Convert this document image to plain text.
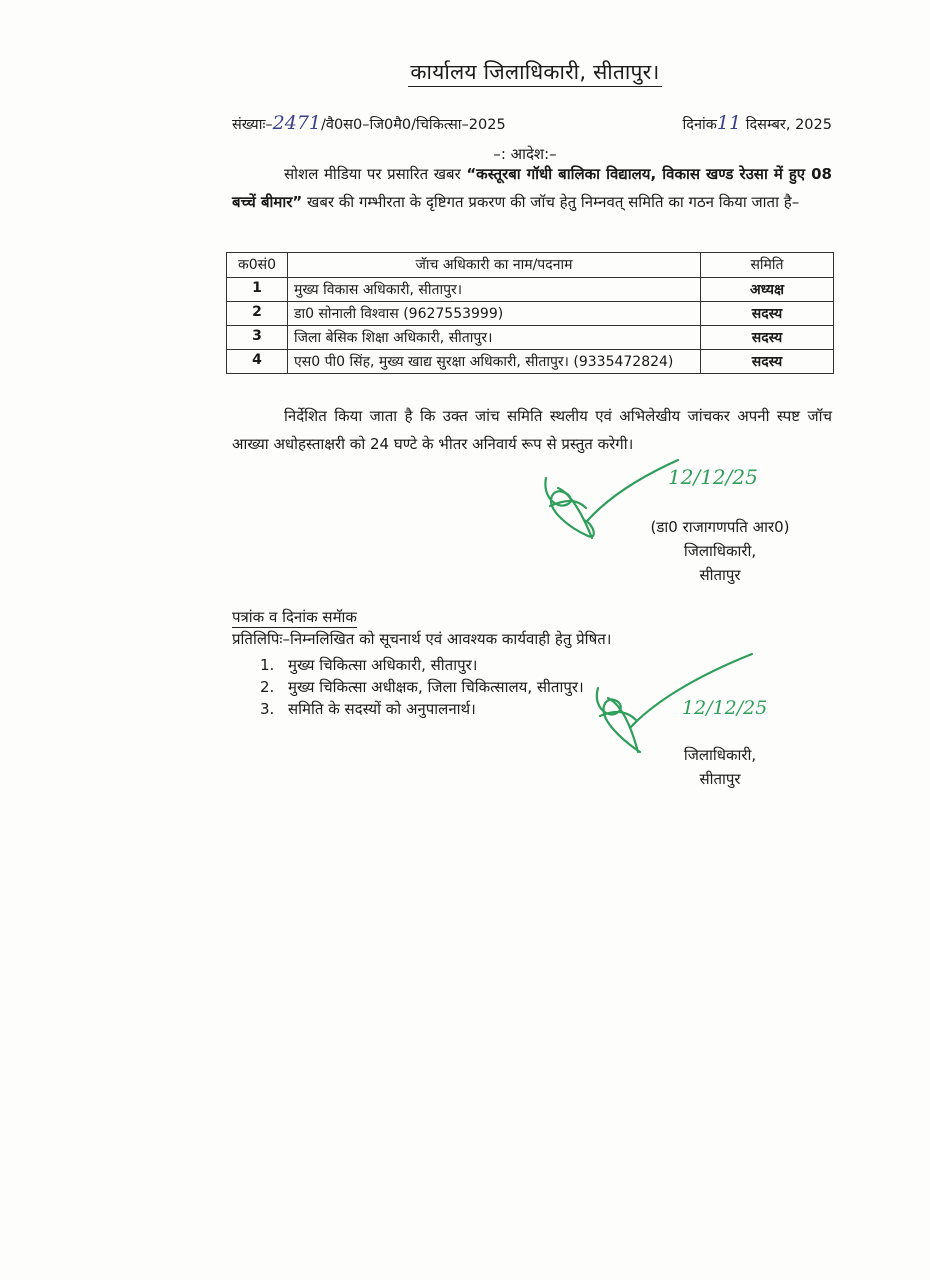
कार्यालय जिलाधिकारी, सीतापुर।
संख्याः–2471/वै0स0–जि0मै0/चिकित्सा–2025	दिनांक11 दिसम्बर, 2025
–: आदेश:–
सोशल मीडिया पर प्रसारित खबर “कस्तूरबा गॉधी बालिका विद्यालय, विकास खण्ड रेउसा में हुए 08 बच्चें बीमार” खबर की गम्भीरता के दृष्टिगत प्रकरण की जॉच हेतु निम्नवत् समिति का गठन किया जाता है–
क0सं0	जॅाच अधिकारी का नाम/पदनाम	समिति
1	मुख्य विकास अधिकारी, सीतापुर।	अध्यक्ष
2	डा0 सोनाली विश्वास (9627553999)	सदस्य
3	जिला बेसिक शिक्षा अधिकारी, सीतापुर।	सदस्य
4	एस0 पी0 सिंह, मुख्य खाद्य सुरक्षा अधिकारी, सीतापुर। (9335472824)	सदस्य
निर्देशित किया जाता है कि उक्त जांच समिति स्थलीय एवं अभिलेखीय जांचकर अपनी स्पष्ट जॉच आख्या अधोहस्ताक्षरी को 24 घण्टे के भीतर अनिवार्य रूप से प्रस्तुत करेगी।
12/12/25
(डा0 राजागणपति आर0)
जिलाधिकारी,
सीतापुर
पत्रांक व दिनांक समॅाक
प्रतिलिपिः–निम्नलिखित को सूचनार्थ एवं आवश्यक कार्यवाही हेतु प्रेषित।
1. मुख्य चिकित्सा अधिकारी, सीतापुर।
2. मुख्य चिकित्सा अधीक्षक, जिला चिकित्सालय, सीतापुर।
3. समिति के सदस्यों को अनुपालनार्थ।	12/12/25
जिलाधिकारी,
सीतापुर
